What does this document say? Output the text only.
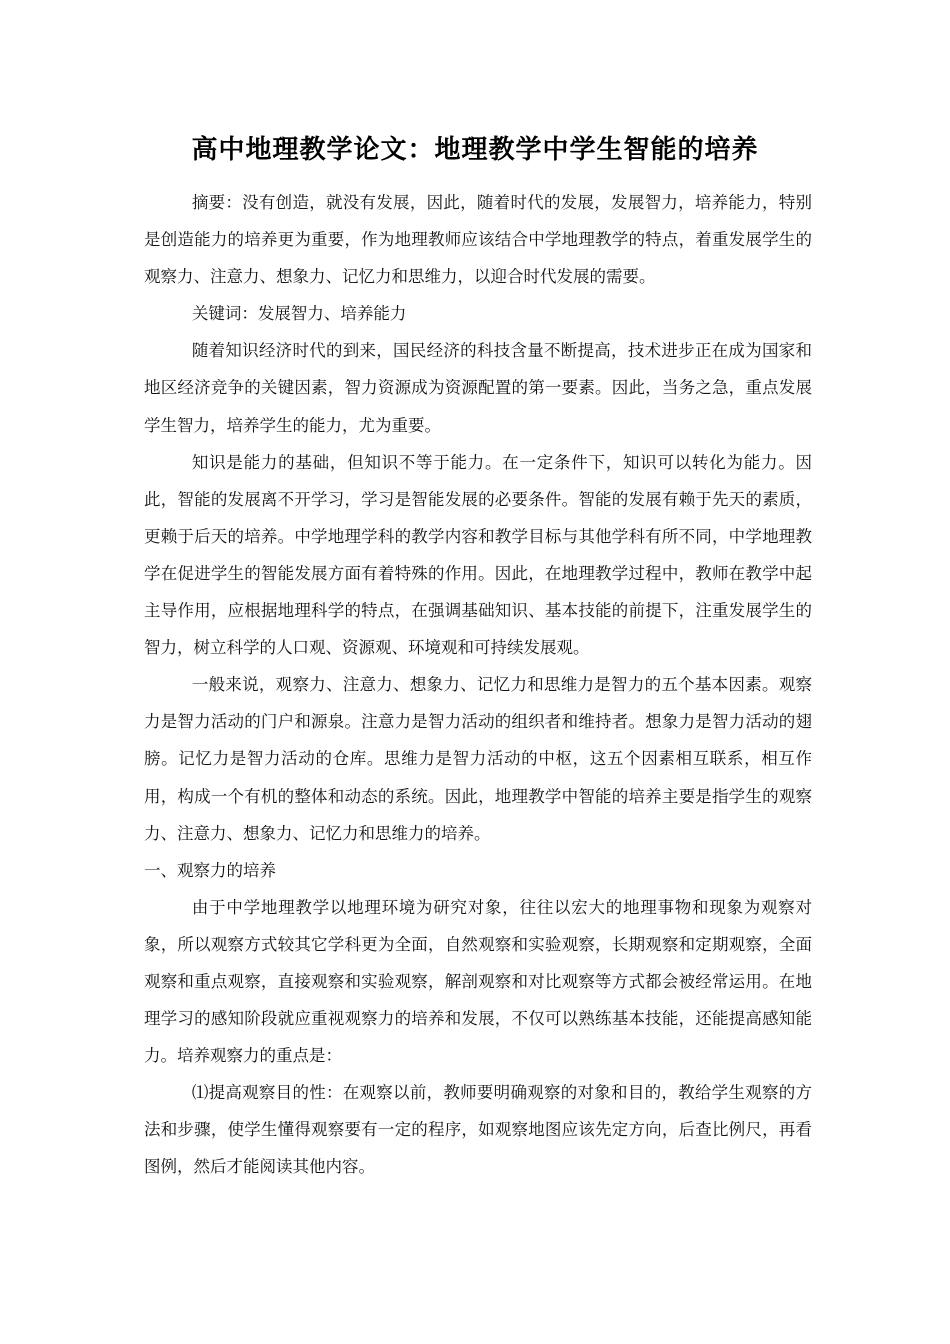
高中地理教学论文：地理教学中学生智能的培养

摘要：没有创造，就没有发展，因此，随着时代的发展，发展智力，培养能力，特别是创造能力的培养更为重要，作为地理教师应该结合中学地理教学的特点，着重发展学生的观察力、注意力、想象力、记忆力和思维力，以迎合时代发展的需要。

关键词：发展智力、培养能力

随着知识经济时代的到来，国民经济的科技含量不断提高，技术进步正在成为国家和地区经济竞争的关键因素，智力资源成为资源配置的第一要素。因此，当务之急，重点发展学生智力，培养学生的能力，尤为重要。

知识是能力的基础，但知识不等于能力。在一定条件下，知识可以转化为能力。因此，智能的发展离不开学习，学习是智能发展的必要条件。智能的发展有赖于先天的素质，更赖于后天的培养。中学地理学科的教学内容和教学目标与其他学科有所不同，中学地理教学在促进学生的智能发展方面有着特殊的作用。因此，在地理教学过程中，教师在教学中起主导作用，应根据地理科学的特点，在强调基础知识、基本技能的前提下，注重发展学生的智力，树立科学的人口观、资源观、环境观和可持续发展观。

一般来说，观察力、注意力、想象力、记忆力和思维力是智力的五个基本因素。观察力是智力活动的门户和源泉。注意力是智力活动的组织者和维持者。想象力是智力活动的翅膀。记忆力是智力活动的仓库。思维力是智力活动的中枢，这五个因素相互联系，相互作用，构成一个有机的整体和动态的系统。因此，地理教学中智能的培养主要是指学生的观察力、注意力、想象力、记忆力和思维力的培养。

一、观察力的培养

由于中学地理教学以地理环境为研究对象，往往以宏大的地理事物和现象为观察对象，所以观察方式较其它学科更为全面，自然观察和实验观察，长期观察和定期观察，全面观察和重点观察，直接观察和实验观察，解剖观察和对比观察等方式都会被经常运用。在地理学习的感知阶段就应重视观察力的培养和发展，不仅可以熟练基本技能，还能提高感知能力。培养观察力的重点是：

⑴提高观察目的性：在观察以前，教师要明确观察的对象和目的，教给学生观察的方法和步骤，使学生懂得观察要有一定的程序，如观察地图应该先定方向，后查比例尺，再看图例，然后才能阅读其他内容。
